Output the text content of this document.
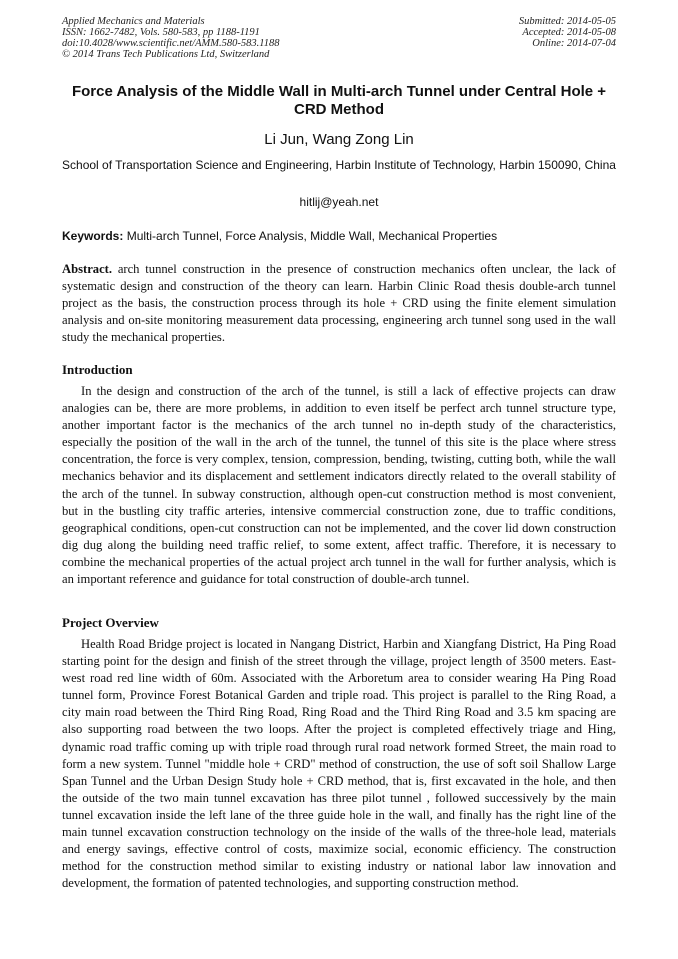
Applied Mechanics and Materials
ISSN: 1662-7482, Vols. 580-583, pp 1188-1191
doi:10.4028/www.scientific.net/AMM.580-583.1188
© 2014 Trans Tech Publications Ltd, Switzerland
Submitted: 2014-05-05
Accepted: 2014-05-08
Online: 2014-07-04
Force Analysis of the Middle Wall in Multi-arch Tunnel under Central Hole + CRD Method
Li Jun, Wang Zong Lin
School of Transportation Science and Engineering, Harbin Institute of Technology, Harbin 150090, China
hitlij@yeah.net
Keywords: Multi-arch Tunnel, Force Analysis, Middle Wall, Mechanical Properties

Abstract. arch tunnel construction in the presence of construction mechanics often unclear, the lack of systematic design and construction of the theory can learn. Harbin Clinic Road thesis double-arch tunnel project as the basis, the construction process through its hole + CRD using the finite element simulation analysis and on-site monitoring measurement data processing, engineering arch tunnel song used in the wall study the mechanical properties.

Introduction

In the design and construction of the arch of the tunnel, is still a lack of effective projects can draw analogies can be, there are more problems, in addition to even itself be perfect arch tunnel structure type, another important factor is the mechanics of the arch tunnel no in-depth study of the characteristics, especially the position of the wall in the arch of the tunnel, the tunnel of this site is the place where stress concentration, the force is very complex, tension, compression, bending, twisting, cutting both, while the wall mechanics behavior and its displacement and settlement indicators directly related to the overall stability of the arch of the tunnel. In subway construction, although open-cut construction method is most convenient, but in the bustling city traffic arteries, intensive commercial construction zone, due to traffic conditions, geographical conditions, open-cut construction can not be implemented, and the cover lid down construction dig dug along the building need traffic relief, to some extent, affect traffic. Therefore, it is necessary to combine the mechanical properties of the actual project arch tunnel in the wall for further analysis, which is an important reference and guidance for total construction of double-arch tunnel.

Project Overview

Health Road Bridge project is located in Nangang District, Harbin and Xiangfang District, Ha Ping Road starting point for the design and finish of the street through the village, project length of 3500 meters. East-west road red line width of 60m. Associated with the Arboretum area to consider wearing Ha Ping Road tunnel form, Province Forest Botanical Garden and triple road. This project is parallel to the Ring Road, a city main road between the Third Ring Road, Ring Road and the Third Ring Road and 3.5 km spacing are also supporting road between the two loops. After the project is completed effectively triage and Hing, dynamic road traffic coming up with triple road through rural road network formed Street, the main road to form a new system. Tunnel "middle hole + CRD" method of construction, the use of soft soil Shallow Large Span Tunnel and the Urban Design Study hole + CRD method, that is, first excavated in the hole, and then the outside of the two main tunnel excavation has three pilot tunnel , followed successively by the main tunnel excavation inside the left lane of the three guide hole in the wall, and finally has the right line of the main tunnel excavation construction technology on the inside of the walls of the three-hole lead, materials and energy savings, effective control of costs, maximize social, economic efficiency. The construction method for the construction method similar to existing industry or national labor law innovation and development, the formation of patented technologies, and supporting construction method.
